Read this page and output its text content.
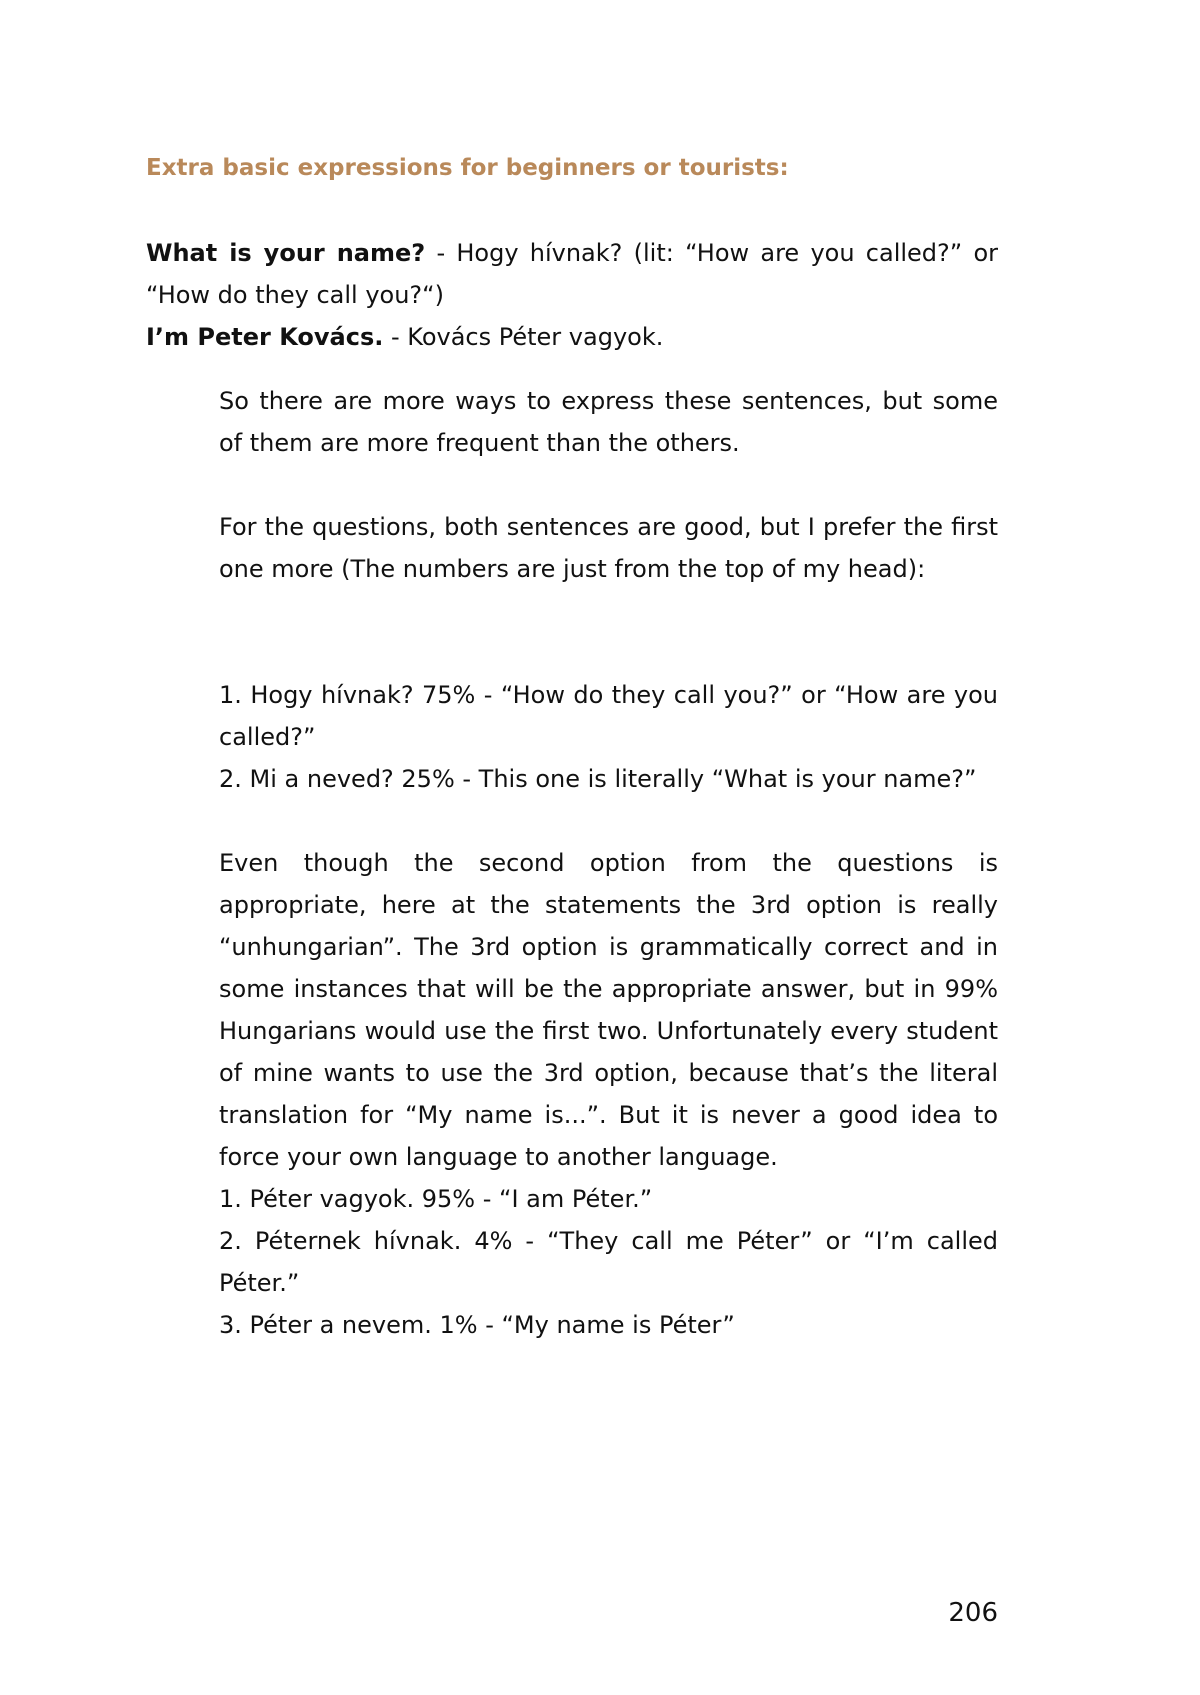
Extra basic expressions for beginners or tourists:

What is your name? - Hogy hívnak? (lit: “How are you called?” or “How do they call you?“)

I’m Peter Kovács. - Kovács Péter vagyok.

So there are more ways to express these sentences, but some of them are more frequent than the others.

For the questions, both sentences are good, but I prefer the first one more (The numbers are just from the top of my head):

1. Hogy hívnak? 75% - “How do they call you?” or “How are you called?”
2. Mi a neved? 25% - This one is literally “What is your name?”

Even though the second option from the questions is appropriate, here at the statements the 3rd option is really “unhungarian”. The 3rd option is grammatically correct and in some instances that will be the appropriate answer, but in 99% Hungarians would use the first two. Unfortunately every student of mine wants to use the 3rd option, because that’s the literal translation for “My name is...”. But it is never a good idea to force your own language to another language.

1. Péter vagyok. 95% - “I am Péter.”
2. Péternek hívnak. 4% - “They call me Péter” or “I’m called Péter.”
3. Péter a nevem. 1% - “My name is Péter”
206
